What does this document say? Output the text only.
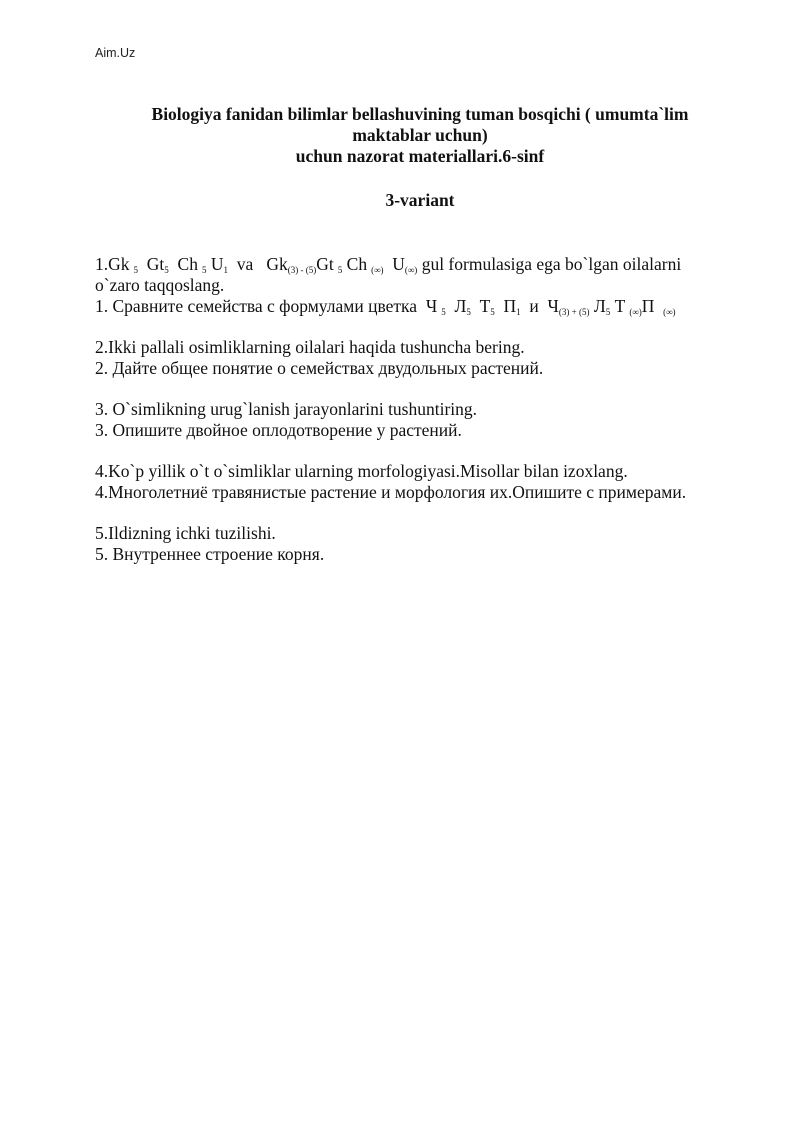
Aim.Uz
Biologiya fanidan bilimlar bellashuvining tuman bosqichi ( umumta`lim
maktablar uchun)
uchun nazorat materiallari.6-sinf
3-variant
1.Gk $_5$ $Gt_5$ Ch $_5$ $U_1$ va $Gk_{(3) - (5)}Gt$ $_5$ Ch $_{(\infty)}$ $U_{(\infty)}$ gul formulasiga ega bo`lgan oilalarni
o`zaro taqqoslang.
1. Сравните семейства с формулами цветка Ч $_5$ $Л_5$ $Т_5$ $П_1$ и $Ч_{(3) + (5)}$ $Л_5$ Т $_{(\infty)}$П $_{(\infty)}$
2.Ikki pallali osimliklarning oilalari haqida tushuncha bering.
2. Дайте общее понятие о семействах двудольных растений.
3. O`simlikning urug`lanish jarayonlarini tushuntiring.
3. Опишите двойное оплодотворение у растений.
4.Ko`p yillik o`t o`simliklar ularning morfologiyasi.Misollar bilan izoxlang.
4.Многолетниё травянистые растение и морфология их.Опишите с примерами.
5.Ildizning ichki tuzilishi.
5. Внутреннее строение корня.
